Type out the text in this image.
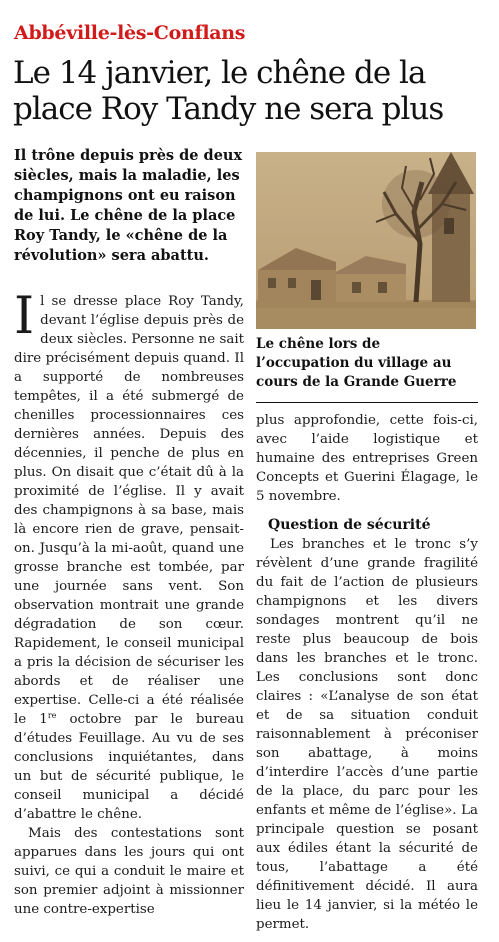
Abbéville-lès-Conflans
Le 14 janvier, le chêne de la place Roy Tandy ne sera plus
Il trône depuis près de deux siècles, mais la maladie, les champignons ont eu raison de lui. Le chêne de la place Roy Tandy, le «chêne de la révolution» sera abattu.
Le chêne lors de l’occupation du village au cours de la Grande Guerre

Il se dresse place Roy Tandy, devant l’église depuis près de deux siècles. Personne ne sait dire précisément depuis quand. Il a supporté de nombreuses tempêtes, il a été submergé de chenilles processionnaires ces dernières années. Depuis des décennies, il penche de plus en plus. On disait que c’était dû à la proximité de l’église. Il y avait des champignons à sa base, mais là encore rien de grave, pensait-on. Jusqu’à la mi-août, quand une grosse branche est tombée, par une journée sans vent. Son observation montrait une grande dégradation de son cœur. Rapidement, le conseil municipal a pris la décision de sécuriser les abords et de réaliser une expertise. Celle-ci a été réalisée le 1re octobre par le bureau d’études Feuillage. Au vu de ses conclusions inquiétantes, dans un but de sécurité publique, le conseil municipal a décidé d’abattre le chêne.

Mais des contestations sont apparues dans les jours qui ont suivi, ce qui a conduit le maire et son premier adjoint à missionner une contre-expertise

plus approfondie, cette fois-ci, avec l’aide logistique et humaine des entreprises Green Concepts et Guerini Élagage, le 5 novembre.

Question de sécurité

Les branches et le tronc s’y révèlent d’une grande fragilité du fait de l’action de plusieurs champignons et les divers sondages montrent qu’il ne reste plus beaucoup de bois dans les branches et le tronc. Les conclusions sont donc claires : «L’analyse de son état et de sa situation conduit raisonnablement à préconiser son abattage, à moins d’interdire l’accès d’une partie de la place, du parc pour les enfants et même de l’église». La principale question se posant aux édiles étant la sécurité de tous, l’abattage a été définitivement décidé. Il aura lieu le 14 janvier, si la météo le permet.
